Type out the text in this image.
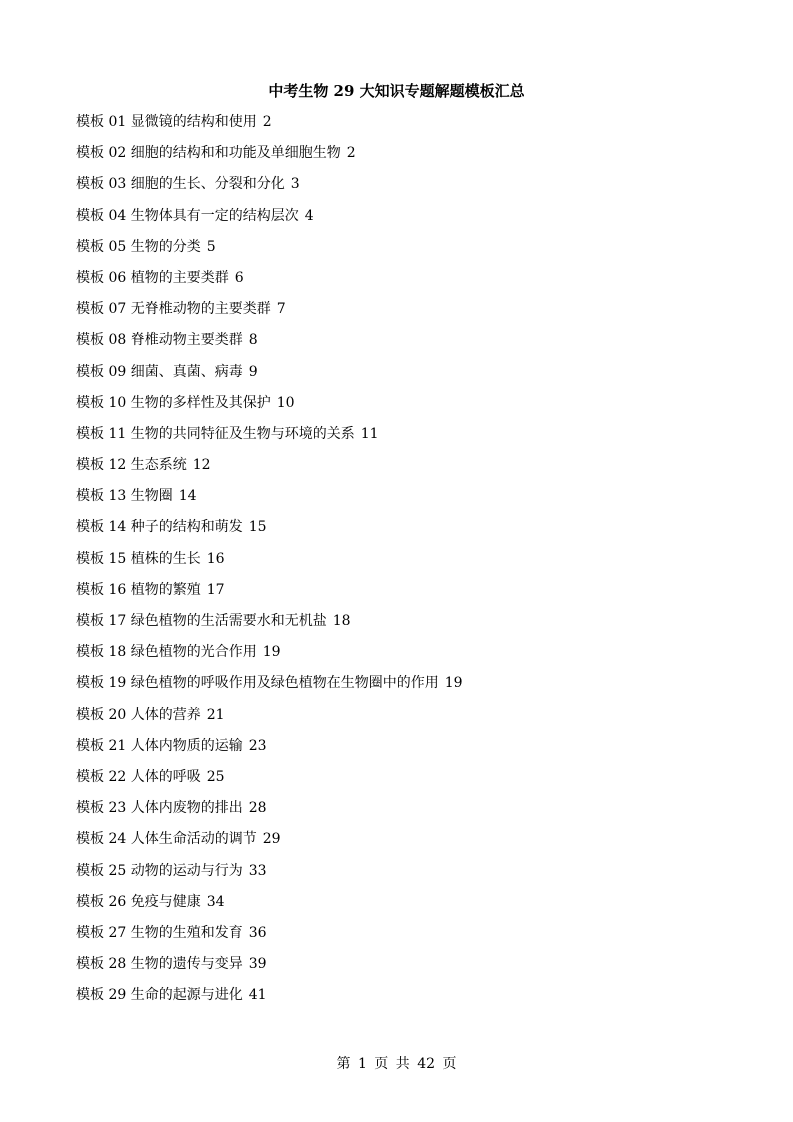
中考生物 29 大知识专题解题模板汇总
模板 01 显微镜的结构和使用 2
模板 02 细胞的结构和和功能及单细胞生物 2
模板 03 细胞的生长、分裂和分化 3
模板 04 生物体具有一定的结构层次 4
模板 05 生物的分类 5
模板 06 植物的主要类群 6
模板 07 无脊椎动物的主要类群 7
模板 08 脊椎动物主要类群 8
模板 09 细菌、真菌、病毒 9
模板 10 生物的多样性及其保护 10
模板 11 生物的共同特征及生物与环境的关系 11
模板 12 生态系统 12
模板 13 生物圈 14
模板 14 种子的结构和萌发 15
模板 15 植株的生长 16
模板 16 植物的繁殖 17
模板 17 绿色植物的生活需要水和无机盐 18
模板 18 绿色植物的光合作用 19
模板 19 绿色植物的呼吸作用及绿色植物在生物圈中的作用 19
模板 20 人体的营养 21
模板 21 人体内物质的运输 23
模板 22 人体的呼吸 25
模板 23 人体内废物的排出 28
模板 24 人体生命活动的调节 29
模板 25 动物的运动与行为 33
模板 26 免疫与健康 34
模板 27 生物的生殖和发育 36
模板 28 生物的遗传与变异 39
模板 29 生命的起源与进化 41
第 1 页 共 42 页
